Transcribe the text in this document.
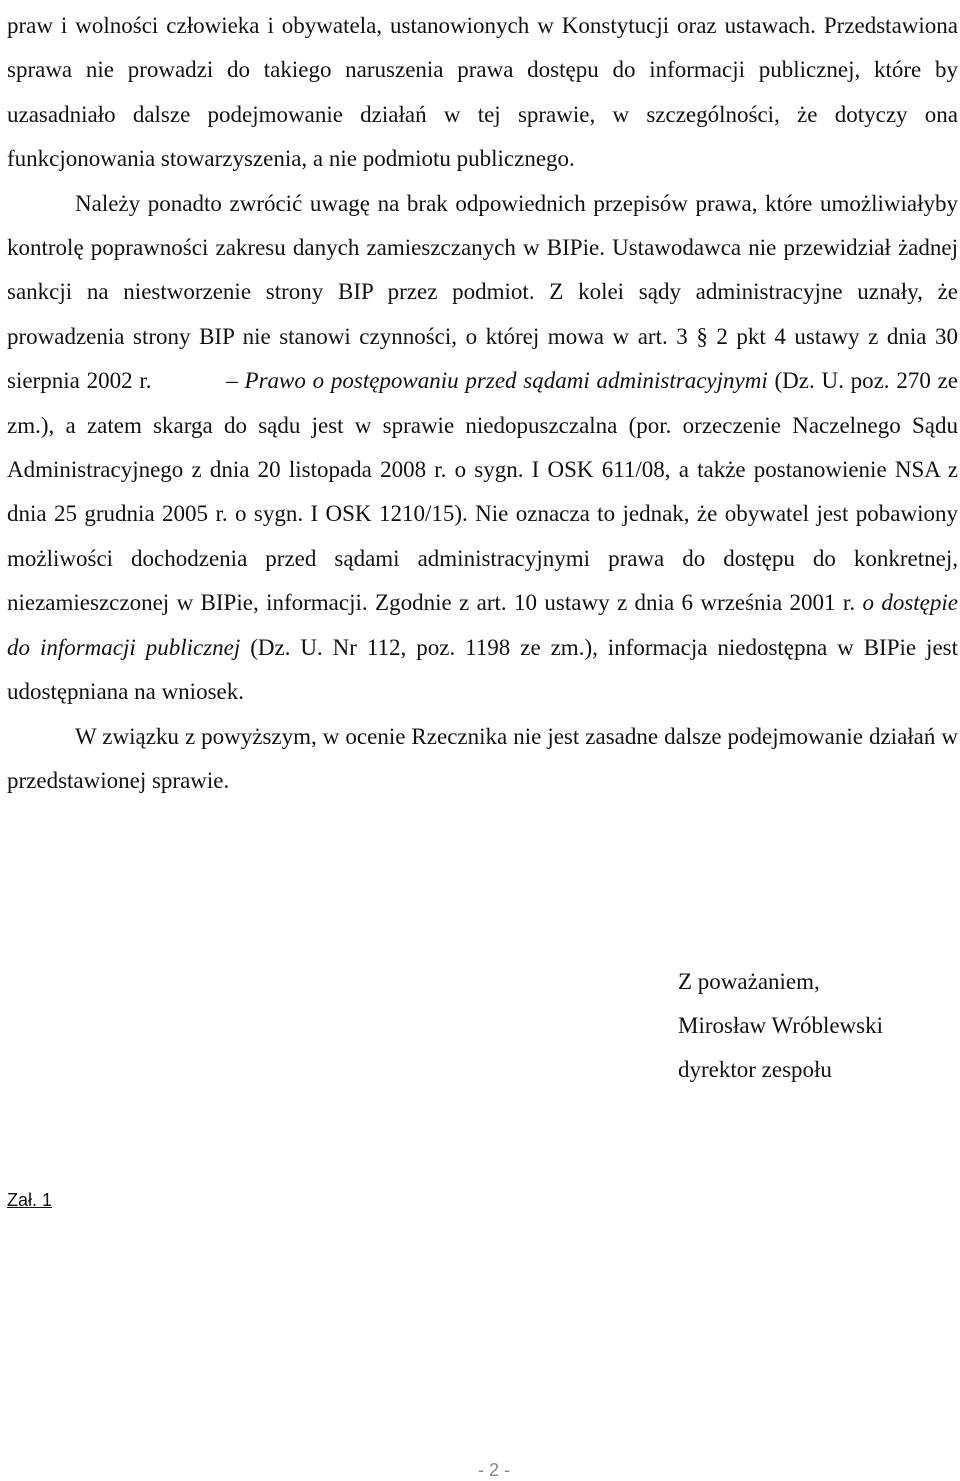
praw i wolności człowieka i obywatela, ustanowionych w Konstytucji oraz ustawach. Przedstawiona sprawa nie prowadzi do takiego naruszenia prawa dostępu do informacji publicznej, które by uzasadniało dalsze podejmowanie działań w tej sprawie, w szczególności, że dotyczy ona funkcjonowania stowarzyszenia, a nie podmiotu publicznego.

Należy ponadto zwrócić uwagę na brak odpowiednich przepisów prawa, które umożliwiałyby kontrolę poprawności zakresu danych zamieszczanych w BIPie. Ustawodawca nie przewidział żadnej sankcji na niestworzenie strony BIP przez podmiot. Z kolei sądy administracyjne uznały, że prowadzenia strony BIP nie stanowi czynności, o której mowa w art. 3 § 2 pkt 4 ustawy z dnia 30 sierpnia 2002 r.	– Prawo o postępowaniu przed sądami administracyjnymi (Dz. U. poz. 270 ze zm.), a zatem skarga do sądu jest w sprawie niedopuszczalna (por. orzeczenie Naczelnego Sądu Administracyjnego z dnia 20 listopada 2008 r. o sygn. I OSK 611/08, a także postanowienie NSA z dnia 25 grudnia 2005 r. o sygn. I OSK 1210/15). Nie oznacza to jednak, że obywatel jest pobawiony możliwości dochodzenia przed sądami administracyjnymi prawa do dostępu do konkretnej, niezamieszczonej w BIPie, informacji. Zgodnie z art. 10 ustawy z dnia 6 września 2001 r. o dostępie do informacji publicznej (Dz. U. Nr 112, poz. 1198 ze zm.), informacja niedostępna w BIPie jest udostępniana na wniosek.

W związku z powyższym, w ocenie Rzecznika nie jest zasadne dalsze podejmowanie działań w przedstawionej sprawie.

Z poważaniem,
Mirosław Wróblewski
dyrektor zespołu
Zał. 1
- 2 -
